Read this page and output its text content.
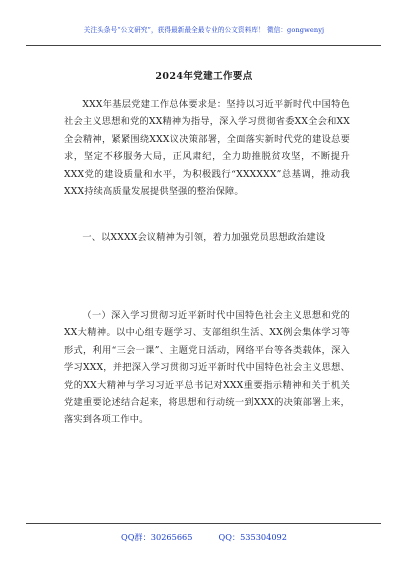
关注头条号“公文研究”，获得最新最全最专业的公文资料库！ 微信：gongwenyj
2024年党建工作要点

XXX年基层党建工作总体要求是：坚持以习近平新时代中国特色社会主义思想和党的XX精神为指导，深入学习贯彻省委XX全会和XX全会精神，紧紧围绕XXX议决策部署，全面落实新时代党的建设总要求，坚定不移服务大局，正风肃纪，全力助推脱贫攻坚，不断提升XXX党的建设质量和水平，为积极践行“XXXXXX”总基调，推动我XXX持续高质量发展提供坚强的整治保障。

一、以XXXX会议精神为引领，着力加强党员思想政治建设

（一）深入学习贯彻习近平新时代中国特色社会主义思想和党的XX大精神。以中心组专题学习、支部组织生活、XX例会集体学习等形式，利用“三会一课”、主题党日活动，网络平台等各类载体，深入学习XXX，并把深入学习贯彻习近平新时代中国特色社会主义思想、党的XX大精神与学习习近平总书记对XXX重要指示精神和关于机关党建重要论述结合起来，将思想和行动统一到XXX的决策部署上来，落实到各项工作中。

QQ群：30265665	QQ：535304092
